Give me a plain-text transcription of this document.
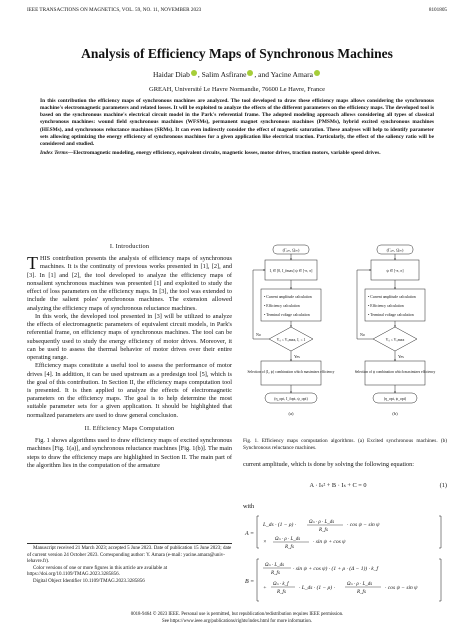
IEEE TRANSACTIONS ON MAGNETICS, VOL. 59, NO. 11, NOVEMBER 2023	8101805
Analysis of Efficiency Maps of Synchronous Machines
Haidar Diab , Salim Asfirane , and Yacine Amara
GREAH, Université Le Havre Normandie, 76600 Le Havre, France

In this contribution the efficiency maps of synchronous machines are analyzed. The tool developed to draw these efficiency maps allows considering the synchronous machine's electromagnetic parameters and related losses. It will be exploited to analyze the effects of the different parameters on the efficiency maps. The developed tool is based on the synchronous machine's electrical circuit model in the Park's referential frame. The adopted modeling approach allows considering all types of classical synchronous machines: wound field synchronous machines (WFSMs), permanent magnet synchronous machines (PMSMs), hybrid excited synchronous machines (HESMs), and synchronous reluctance machines (SRMs). It can even indirectly consider the effect of magnetic saturation. These analyses will help to identify parameter sets allowing optimizing the energy efficiency of synchronous machines for a given application like electrical traction. Particularly, the effect of the saliency ratio will be considered and studied.

Index Terms—Electromagnetic modeling, energy efficiency, equivalent circuits, magnetic losses, motor drives, traction motors, variable speed drives.

I. Introduction

THIS contribution presents the analysis of efficiency maps of synchronous machines. It is the continuity of previous works presented in [1], [2], and [3]. In [1] and [2], the tool developed to analyze the efficiency maps of nonsalient synchronous machines was presented [1] and exploited to study the effect of loss parameters on the efficiency maps. In [3], the tool was extended to include the salient poles' synchronous machines. The extension allowed analyzing the efficiency maps of synchronous reluctance machines.

In this work, the developed tool presented in [3] will be utilized to analyze the effects of electromagnetic parameters of equivalent circuit models, in Park's referential frame, on efficiency maps of synchronous machines. The tool can be subsequently used to study the energy efficiency of motor drives. Moreover, it can be used to assess the thermal behavior of motor drives over their entire operating range.

Efficiency maps constitute a useful tool to assess the performance of motor drives [4]. In addition, it can be used upstream as a predesign tool [5], which is the goal of this contribution. In Section II, the efficiency maps computation tool is presented. It is then applied to analyze the effects of electromagnetic parameters on the efficiency maps. The goal is to help determine the most suitable parameter sets for a given application. It should be highlighted that normalized parameters are used to draw general conclusion.

II. Efficiency Maps Computation

Fig. 1 shows algorithms used to draw efficiency maps of excited synchronous machines [Fig. 1(a)], and synchronous reluctance machines [Fig. 1(b)]. The main steps to draw the efficiency maps are highlighted in Section II. The main part of the algorithm lies in the computation of the armature

Manuscript received 21 March 2023; accepted 5 June 2023. Date of publication 15 June 2023; date of current version 24 October 2023. Corresponding author: Y. Amara (e-mail: yacine.amara@univ-lehavre.fr).
Color versions of one or more figures in this article are available at https://doi.org/10.1109/TMAG.2023.3285856.
Digital Object Identifier 10.1109/TMAG.2023.3285856
(Γₑₘ, Ωₘ)
Iₑ ∈ [0, I_fmax] ψ ∈ [-π, π]
• Current amplitude calculation
• Efficiency calculation
• Terminal voltage calculation
Vₛ ≤ Vₛmax, Iₑ ≤ 1
No
Yes
Selection of (Iₑ, ψ) combination which maximizes efficiency
(η_opt, I_fopt, ψ_opt)
(a)
(Γₑₘ, Ωₘ)
ψ ∈ [-π, π]
• Current amplitude calculation
• Efficiency calculation
• Terminal voltage calculation
Vₛ ≤ Vₛmax
No
Yes
Selection of ψ combination which maximizes efficiency
(η_opt, ψ_opt)
(b)
Fig. 1. Efficiency maps computation algorithms. (a) Excited synchronous machines. (b) Synchronous reluctance machines.
current amplitude, which is done by solving the following equation:
A · Iₛ² + B · Iₛ + C = 0	(1)
with
A =
L_ds · (1 − ρ) ·	Ωₙ · ρ · L_ds
R_fs
· cos ψ − sin ψ
× Ωₙ · ρ · L_ds
R_fs
· sin ψ + cos ψ
B =
Ωₙ · L_ds
R_fs
· sin ψ + cos ψ) · (1 + ρ · (Δ − 1)) · k_f
+
Ωₙ · k_f
R_fs
· L_ds · (1 − ρ) ·
Ωₙ · ρ · L_ds
R_fs
· cos ψ − sin ψ
0018-9464 © 2023 IEEE. Personal use is permitted, but republication/redistribution requires IEEE permission.
See https://www.ieee.org/publications/rights/index.html for more information.
